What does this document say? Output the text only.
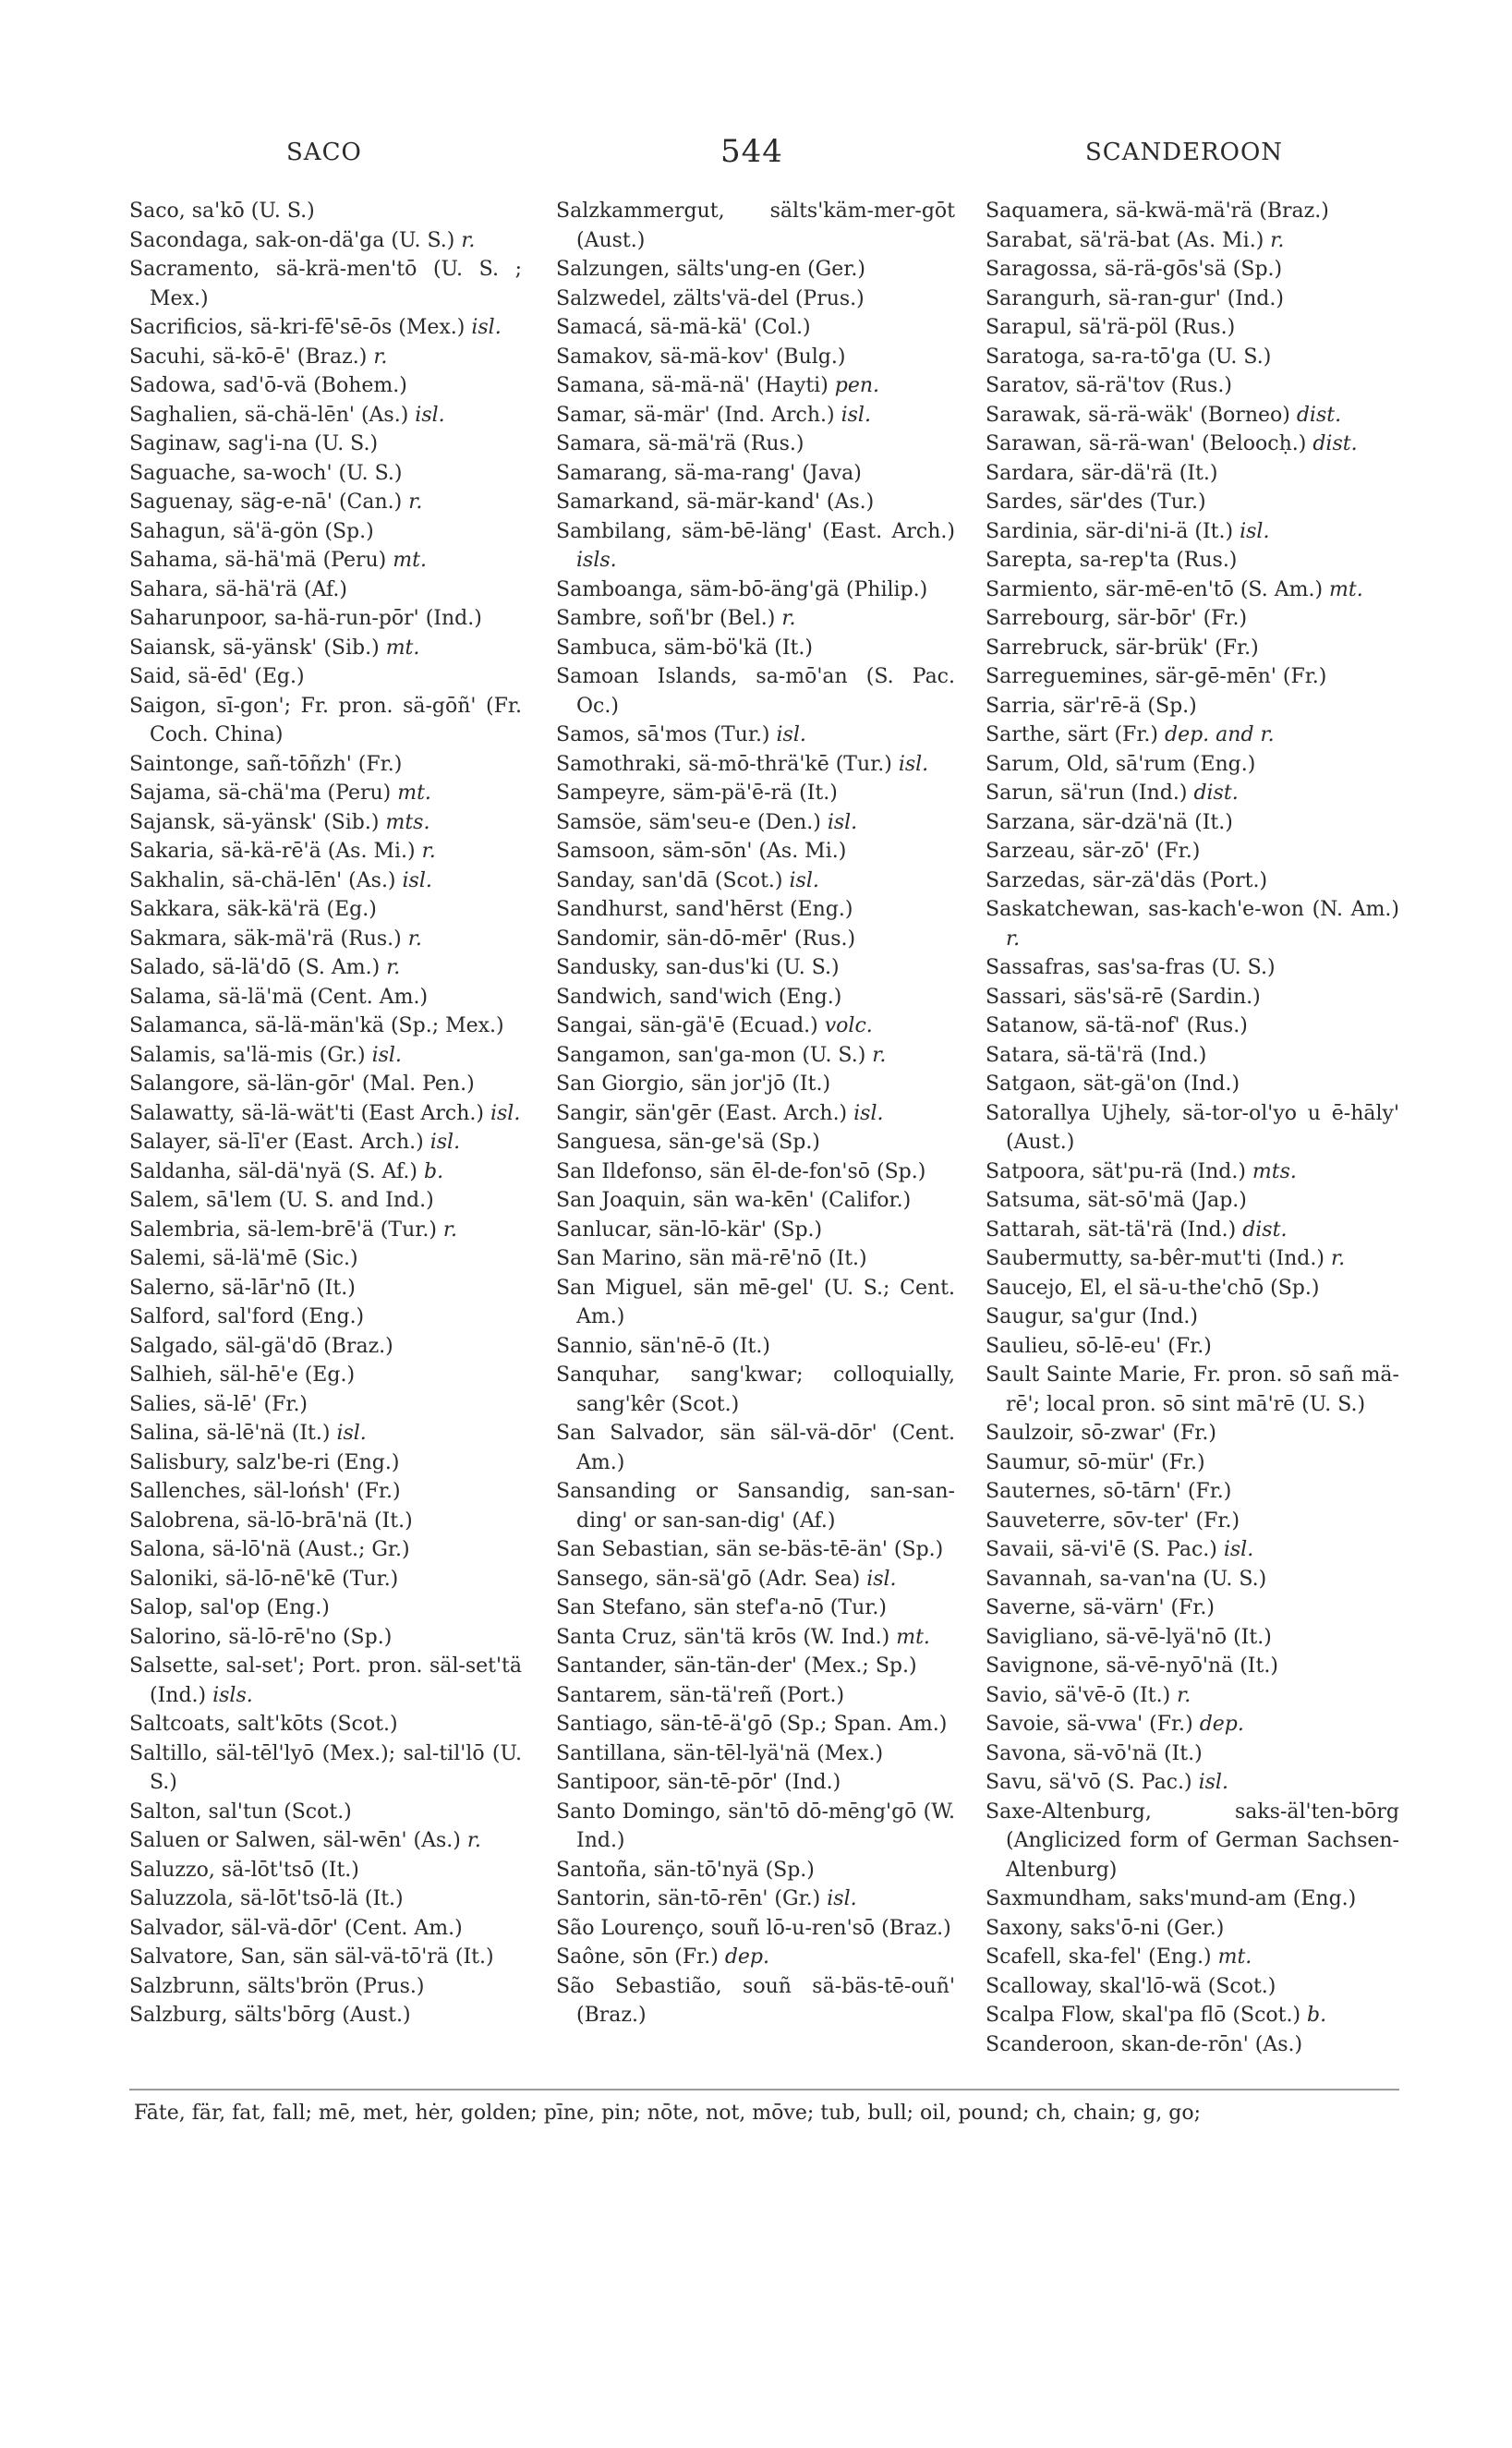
SACO	544	SCANDEROON
Saco, sa'kō (U. S.)
Sacondaga, sak-on-dä'ga (U. S.) r.
Sacramento, sä-krä-men'tō (U. S. ; Mex.)
Sacrificios, sä-kri-fē'sē-ōs (Mex.) isl.
Sacuhi, sä-kō-ē' (Braz.) r.
Sadowa, sad'ō-vä (Bohem.)
Saghalien, sä-chä-lēn' (As.) isl.
Saginaw, sag'i-na (U. S.)
Saguache, sa-woch' (U. S.)
Saguenay, säg-e-nā' (Can.) r.
Sahagun, sä'ä-gön (Sp.)
Sahama, sä-hä'mä (Peru) mt.
Sahara, sä-hä'rä (Af.)
Saharunpoor, sa-hä-run-pōr' (Ind.)
Saiansk, sä-yänsk' (Sib.) mt.
Said, sä-ēd' (Eg.)
Saigon, sī-gon'; Fr. pron. sä-gōñ' (Fr. Coch. China)
Saintonge, sañ-tōñzh' (Fr.)
Sajama, sä-chä'ma (Peru) mt.
Sajansk, sä-yänsk' (Sib.) mts.
Sakaria, sä-kä-rē'ä (As. Mi.) r.
Sakhalin, sä-chä-lēn' (As.) isl.
Sakkara, säk-kä'rä (Eg.)
Sakmara, säk-mä'rä (Rus.) r.
Salado, sä-lä'dō (S. Am.) r.
Salama, sä-lä'mä (Cent. Am.)
Salamanca, sä-lä-män'kä (Sp.; Mex.)
Salamis, sa'lä-mis (Gr.) isl.
Salangore, sä-län-gōr' (Mal. Pen.)
Salawatty, sä-lä-wät'ti (East Arch.) isl.
Salayer, sä-lī'er (East. Arch.) isl.
Saldanha, säl-dä'nyä (S. Af.) b.
Salem, sā'lem (U. S. and Ind.)
Salembria, sä-lem-brē'ä (Tur.) r.
Salemi, sä-lä'mē (Sic.)
Salerno, sä-lār'nō (It.)
Salford, sal'ford (Eng.)
Salgado, säl-gä'dō (Braz.)
Salhieh, säl-hē'e (Eg.)
Salies, sä-lē' (Fr.)
Salina, sä-lē'nä (It.) isl.
Salisbury, salz'be-ri (Eng.)
Sallenches, säl-lońsh' (Fr.)
Salobrena, sä-lō-brā'nä (It.)
Salona, sä-lō'nä (Aust.; Gr.)
Saloniki, sä-lō-nē'kē (Tur.)
Salop, sal'op (Eng.)
Salorino, sä-lō-rē'no (Sp.)
Salsette, sal-set'; Port. pron. säl-set'tä (Ind.) isls.
Saltcoats, salt'kōts (Scot.)
Saltillo, säl-tēl'lyō (Mex.); sal-til'lō (U. S.)
Salton, sal'tun (Scot.)
Saluen or Salwen, säl-wēn' (As.) r.
Saluzzo, sä-lōt'tsō (It.)
Saluzzola, sä-lōt'tsō-lä (It.)
Salvador, säl-vä-dōr' (Cent. Am.)
Salvatore, San, sän säl-vä-tō'rä (It.)
Salzbrunn, sälts'brön (Prus.)
Salzburg, sälts'bōrg (Aust.)
Salzkammergut, sälts'käm-mer-gōt (Aust.)
Salzungen, sälts'ung-en (Ger.)
Salzwedel, zälts'vä-del (Prus.)
Samacá, sä-mä-kä' (Col.)
Samakov, sä-mä-kov' (Bulg.)
Samana, sä-mä-nä' (Hayti) pen.
Samar, sä-mär' (Ind. Arch.) isl.
Samara, sä-mä'rä (Rus.)
Samarang, sä-ma-rang' (Java)
Samarkand, sä-mär-kand' (As.)
Sambilang, säm-bē-läng' (East. Arch.) isls.
Samboanga, säm-bō-äng'gä (Philip.)
Sambre, soñ'br (Bel.) r.
Sambuca, säm-bö'kä (It.)
Samoan Islands, sa-mō'an (S. Pac. Oc.)
Samos, sā'mos (Tur.) isl.
Samothraki, sä-mō-thrä'kē (Tur.) isl.
Sampeyre, säm-pä'ē-rä (It.)
Samsöe, säm'seu-e (Den.) isl.
Samsoon, säm-sōn' (As. Mi.)
Sanday, san'dā (Scot.) isl.
Sandhurst, sand'hērst (Eng.)
Sandomir, sän-dō-mēr' (Rus.)
Sandusky, san-dus'ki (U. S.)
Sandwich, sand'wich (Eng.)
Sangai, sän-gä'ē (Ecuad.) volc.
Sangamon, san'ga-mon (U. S.) r.
San Giorgio, sän jor'jō (It.)
Sangir, sän'gēr (East. Arch.) isl.
Sanguesa, sän-ge'sä (Sp.)
San Ildefonso, sän ēl-de-fon'sō (Sp.)
San Joaquin, sän wa-kēn' (Califor.)
Sanlucar, sän-lō-kär' (Sp.)
San Marino, sän mä-rē'nō (It.)
San Miguel, sän mē-gel' (U. S.; Cent. Am.)
Sannio, sän'nē-ō (It.)
Sanquhar, sang'kwar; colloquially, sang'kêr (Scot.)
San Salvador, sän säl-vä-dōr' (Cent. Am.)
Sansanding or Sansandig, san-san-ding' or san-san-dig' (Af.)
San Sebastian, sän se-bäs-tē-än' (Sp.)
Sansego, sän-sä'gō (Adr. Sea) isl.
San Stefano, sän stef'a-nō (Tur.)
Santa Cruz, sän'tä krōs (W. Ind.) mt.
Santander, sän-tän-der' (Mex.; Sp.)
Santarem, sän-tä'reñ (Port.)
Santiago, sän-tē-ä'gō (Sp.; Span. Am.)
Santillana, sän-tēl-lyä'nä (Mex.)
Santipoor, sän-tē-pōr' (Ind.)
Santo Domingo, sän'tō dō-mēng'gō (W. Ind.)
Santoña, sän-tō'nyä (Sp.)
Santorin, sän-tō-rēn' (Gr.) isl.
São Lourenço, souñ lō-u-ren'sō (Braz.)
Saône, sōn (Fr.) dep.
São Sebastião, souñ sä-bäs-tē-ouñ' (Braz.)
Saquamera, sä-kwä-mä'rä (Braz.)
Sarabat, sä'rä-bat (As. Mi.) r.
Saragossa, sä-rä-gōs'sä (Sp.)
Sarangurh, sä-ran-gur' (Ind.)
Sarapul, sä'rä-pöl (Rus.)
Saratoga, sa-ra-tō'ga (U. S.)
Saratov, sä-rä'tov (Rus.)
Sarawak, sä-rä-wäk' (Borneo) dist.
Sarawan, sä-rä-wan' (Beloocḥ.) dist.
Sardara, sär-dä'rä (It.)
Sardes, sär'des (Tur.)
Sardinia, sär-di'ni-ä (It.) isl.
Sarepta, sa-rep'ta (Rus.)
Sarmiento, sär-mē-en'tō (S. Am.) mt.
Sarrebourg, sär-bōr' (Fr.)
Sarrebruck, sär-brük' (Fr.)
Sarreguemines, sär-gē-mēn' (Fr.)
Sarria, sär'rē-ä (Sp.)
Sarthe, särt (Fr.) dep. and r.
Sarum, Old, sā'rum (Eng.)
Sarun, sä'run (Ind.) dist.
Sarzana, sär-dzä'nä (It.)
Sarzeau, sär-zō' (Fr.)
Sarzedas, sär-zä'däs (Port.)
Saskatchewan, sas-kach'e-won (N. Am.) r.
Sassafras, sas'sa-fras (U. S.)
Sassari, säs'sä-rē (Sardin.)
Satanow, sä-tä-nof' (Rus.)
Satara, sä-tä'rä (Ind.)
Satgaon, sät-gä'on (Ind.)
Satorallya Ujhely, sä-tor-ol'yo u ē-hāly' (Aust.)
Satpoora, sät'pu-rä (Ind.) mts.
Satsuma, sät-sō'mä (Jap.)
Sattarah, sät-tä'rä (Ind.) dist.
Saubermutty, sa-bêr-mut'ti (Ind.) r.
Saucejo, El, el sä-u-the'chō (Sp.)
Saugur, sa'gur (Ind.)
Saulieu, sō-lē-eu' (Fr.)
Sault Sainte Marie, Fr. pron. sō sañ mä-rē'; local pron. sō sint mā'rē (U. S.)
Saulzoir, sō-zwar' (Fr.)
Saumur, sō-mür' (Fr.)
Sauternes, sō-tārn' (Fr.)
Sauveterre, sōv-ter' (Fr.)
Savaii, sä-vi'ē (S. Pac.) isl.
Savannah, sa-van'na (U. S.)
Saverne, sä-värn' (Fr.)
Savigliano, sä-vē-lyä'nō (It.)
Savignone, sä-vē-nyō'nä (It.)
Savio, sä'vē-ō (It.) r.
Savoie, sä-vwa' (Fr.) dep.
Savona, sä-vō'nä (It.)
Savu, sä'vō (S. Pac.) isl.
Saxe-Altenburg, saks-äl'ten-bōrg (Anglicized form of German Sachsen-Altenburg)
Saxmundham, saks'mund-am (Eng.)
Saxony, saks'ō-ni (Ger.)
Scafell, ska-fel' (Eng.) mt.
Scalloway, skal'lō-wä (Scot.)
Scalpa Flow, skal'pa flō (Scot.) b.
Scanderoon, skan-de-rōn' (As.)
Fāte, fär, fat, fall; mē, met, hėr, golden; pīne, pin; nōte, not, mōve; tub, bull; oil, pound; ch, chain; g, go;
